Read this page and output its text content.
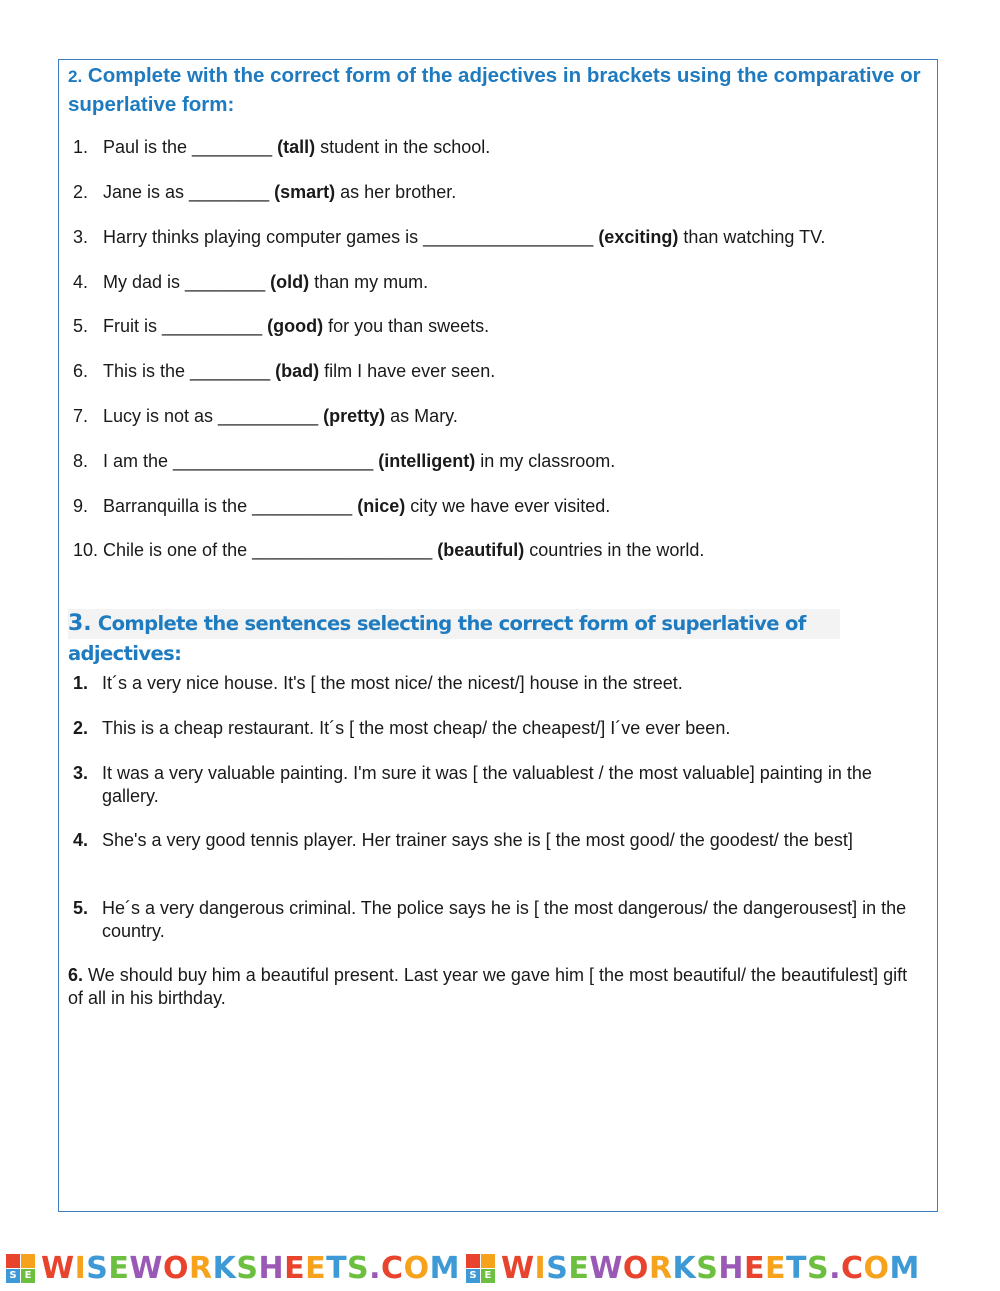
2. Complete with the correct form of the adjectives in brackets using the comparative or superlative form:
1. Paul is the ________ (tall) student in the school.
2. Jane is as ________ (smart) as her brother.
3. Harry thinks playing computer games is _________________ (exciting) than watching TV.
4. My dad is ________ (old) than my mum.
5. Fruit is __________ (good) for you than sweets.
6. This is the ________ (bad) film I have ever seen.
7. Lucy is not as __________ (pretty) as Mary.
8. I am the ____________________ (intelligent) in my classroom.
9. Barranquilla is the __________ (nice) city we have ever visited.
10. Chile is one of the __________________ (beautiful) countries in the world.
3. Complete the sentences selecting the correct form of superlative of adjectives:
1. It´s a very nice house. It's [ the most nice/ the nicest/] house in the street.
2. This is a cheap restaurant. It´s [ the most cheap/ the cheapest/] I´ve ever been.
3. It was a very valuable painting. I'm sure it was [ the valuablest / the most valuable] painting in the gallery.
4. She's a very good tennis player. Her trainer says she is [ the most good/ the goodest/ the best]
5. He´s a very dangerous criminal. The police says he is [ the most dangerous/ the dangerousest] in the country.
6. We should buy him a beautiful present. Last year we gave him [ the most beautiful/ the beautifulest] gift of all in his birthday.
S E WISEWORKSHEETS.COM S E WISEWORKSHEETS.COM
